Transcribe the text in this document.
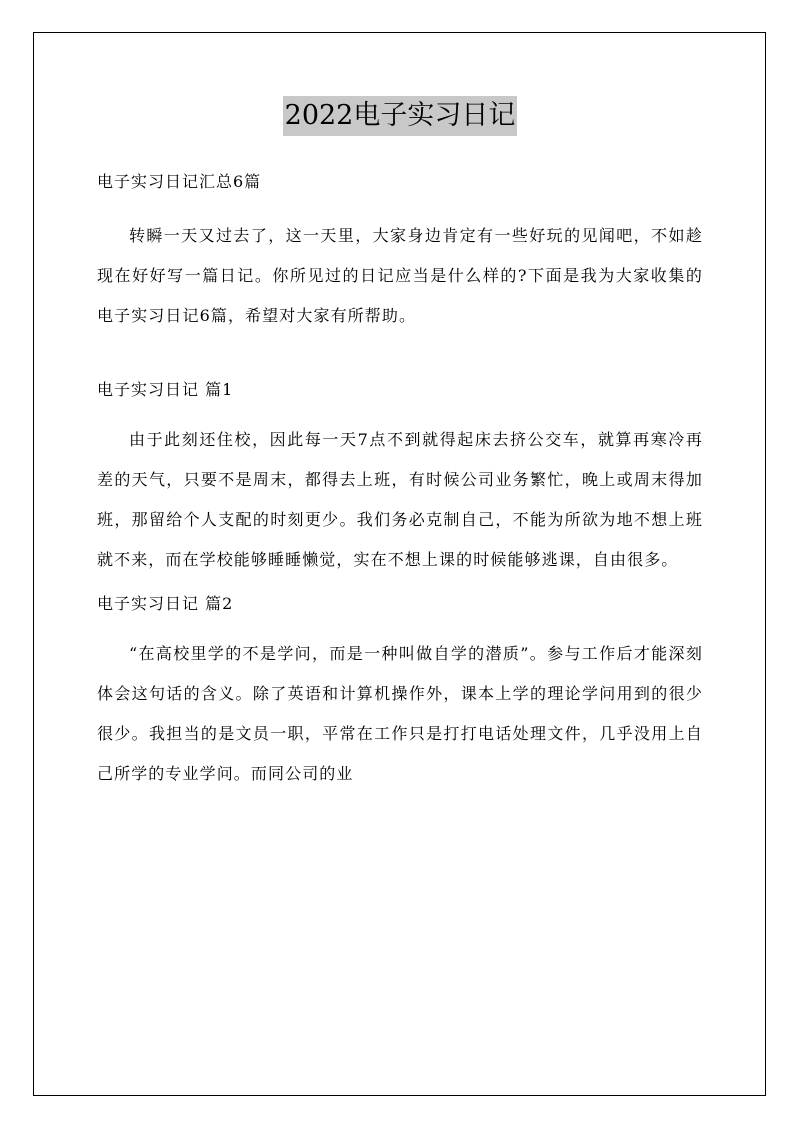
2022电子实习日记

电子实习日记汇总6篇

转瞬一天又过去了，这一天里，大家身边肯定有一些好玩的见闻吧，不如趁现在好好写一篇日记。你所见过的日记应当是什么样的?下面是我为大家收集的电子实习日记6篇，希望对大家有所帮助。

电子实习日记 篇1

由于此刻还住校，因此每一天7点不到就得起床去挤公交车，就算再寒冷再差的天气，只要不是周末，都得去上班，有时候公司业务繁忙，晚上或周末得加班，那留给个人支配的时刻更少。我们务必克制自己，不能为所欲为地不想上班就不来，而在学校能够睡睡懒觉，实在不想上课的时候能够逃课，自由很多。

电子实习日记 篇2

“在高校里学的不是学问，而是一种叫做自学的潜质”。参与工作后才能深刻体会这句话的含义。除了英语和计算机操作外，课本上学的理论学问用到的很少很少。我担当的是文员一职，平常在工作只是打打电话处理文件，几乎没用上自己所学的专业学问。而同公司的业
